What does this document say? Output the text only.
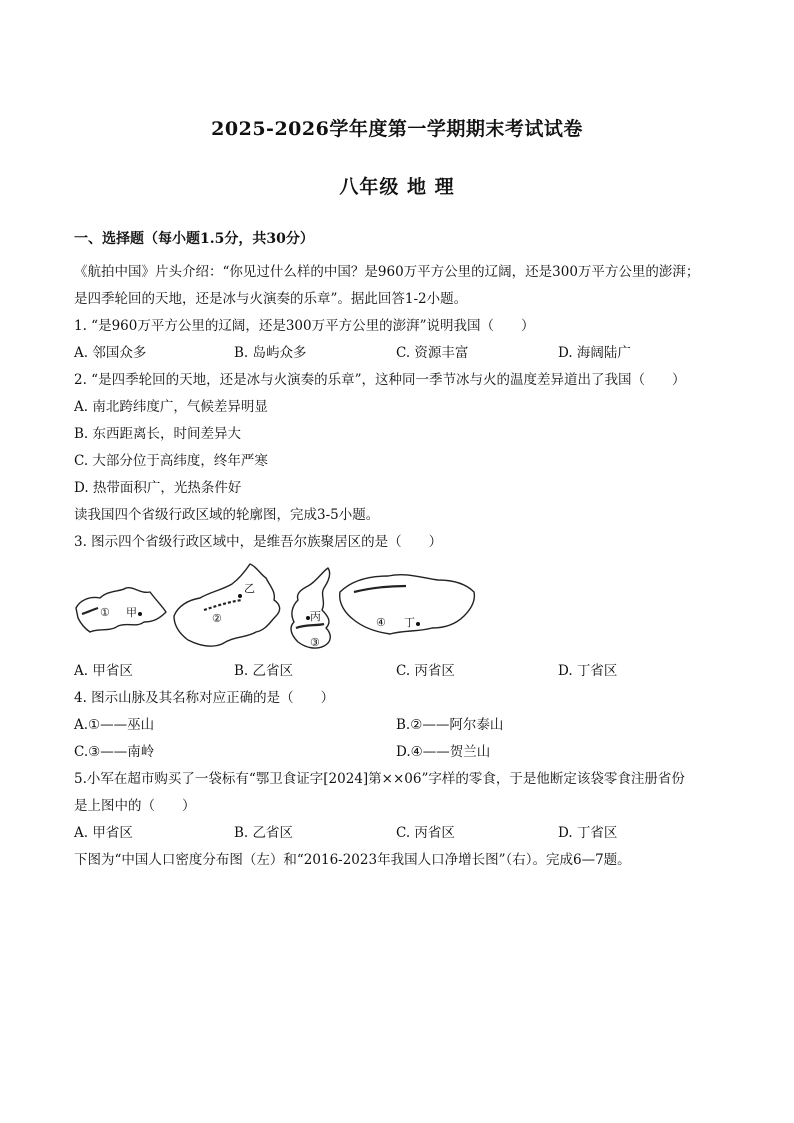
2025-2026学年度第一学期期末考试试卷
八年级 地 理
一、选择题（每小题1.5分，共30分）
《航拍中国》片头介绍：“你见过什么样的中国？是960万平方公里的辽阔，还是300万平方公里的澎湃；
是四季轮回的天地，还是冰与火演奏的乐章”。据此回答1-2小题。
1. “是960万平方公里的辽阔，还是300万平方公里的澎湃”说明我国（　　）
A. 邻国众多	B. 岛屿众多	C. 资源丰富	D. 海阔陆广
2. “是四季轮回的天地，还是冰与火演奏的乐章”，这种同一季节冰与火的温度差异道出了我国（　　）
A. 南北跨纬度广，气候差异明显
B. 东西距离长，时间差异大
C. 大部分位于高纬度，终年严寒
D. 热带面积广，光热条件好
读我国四个省级行政区域的轮廓图，完成3-5小题。
3. 图示四个省级行政区域中，是维吾尔族聚居区的是（　　）
① 甲	②
乙
丙
③
④ 丁
A. 甲省区	B. 乙省区	C. 丙省区	D. 丁省区
4. 图示山脉及其名称对应正确的是（　　）
A.①——巫山	B.②——阿尔泰山
C.③——南岭	D.④——贺兰山
5.小军在超市购买了一袋标有“鄂卫食证字[2024]第××06”字样的零食，于是他断定该袋零食注册省份
是上图中的（　　）
A. 甲省区	B. 乙省区	C. 丙省区	D. 丁省区
下图为“中国人口密度分布图（左）和“2016-2023年我国人口净增长图”（右）。完成6—7题。
